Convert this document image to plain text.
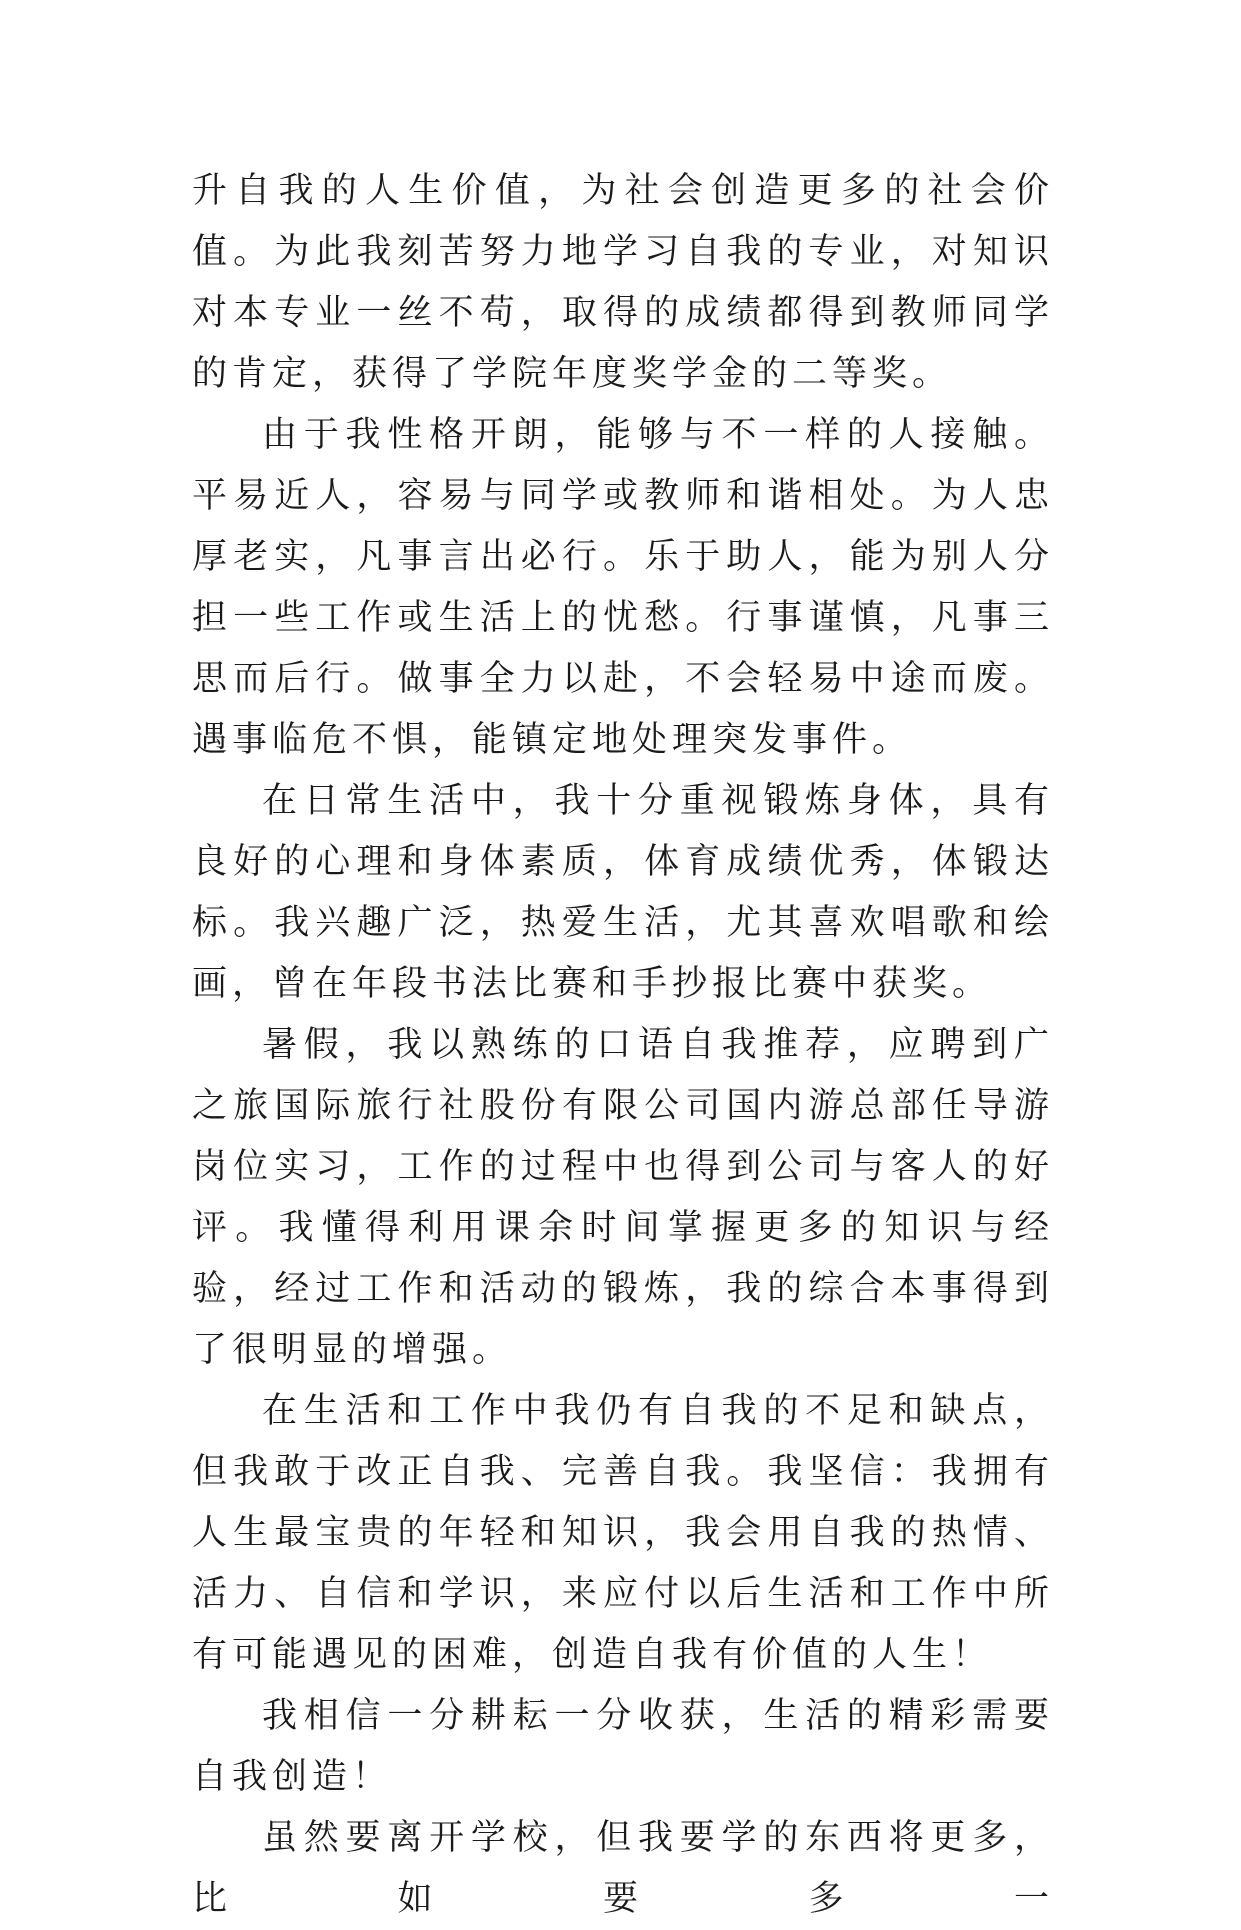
升自我的人生价值，为社会创造更多的社会价值。为此我刻苦努力地学习自我的专业，对知识对本专业一丝不苟，取得的成绩都得到教师同学的肯定，获得了学院年度奖学金的二等奖。

由于我性格开朗，能够与不一样的人接触。平易近人，容易与同学或教师和谐相处。为人忠厚老实，凡事言出必行。乐于助人，能为别人分担一些工作或生活上的忧愁。行事谨慎，凡事三思而后行。做事全力以赴，不会轻易中途而废。遇事临危不惧，能镇定地处理突发事件。

在日常生活中，我十分重视锻炼身体，具有良好的心理和身体素质，体育成绩优秀，体锻达标。我兴趣广泛，热爱生活，尤其喜欢唱歌和绘画，曾在年段书法比赛和手抄报比赛中获奖。

暑假，我以熟练的口语自我推荐，应聘到广之旅国际旅行社股份有限公司国内游总部任导游岗位实习，工作的过程中也得到公司与客人的好评。我懂得利用课余时间掌握更多的知识与经验，经过工作和活动的锻炼，我的综合本事得到了很明显的增强。

在生活和工作中我仍有自我的不足和缺点，但我敢于改正自我、完善自我。我坚信：我拥有人生最宝贵的年轻和知识，我会用自我的热情、活力、自信和学识，来应付以后生活和工作中所有可能遇见的困难，创造自我有价值的人生！

我相信一分耕耘一分收获，生活的精彩需要自我创造！

虽然要离开学校，但我要学的东西将更多，比如要多一
